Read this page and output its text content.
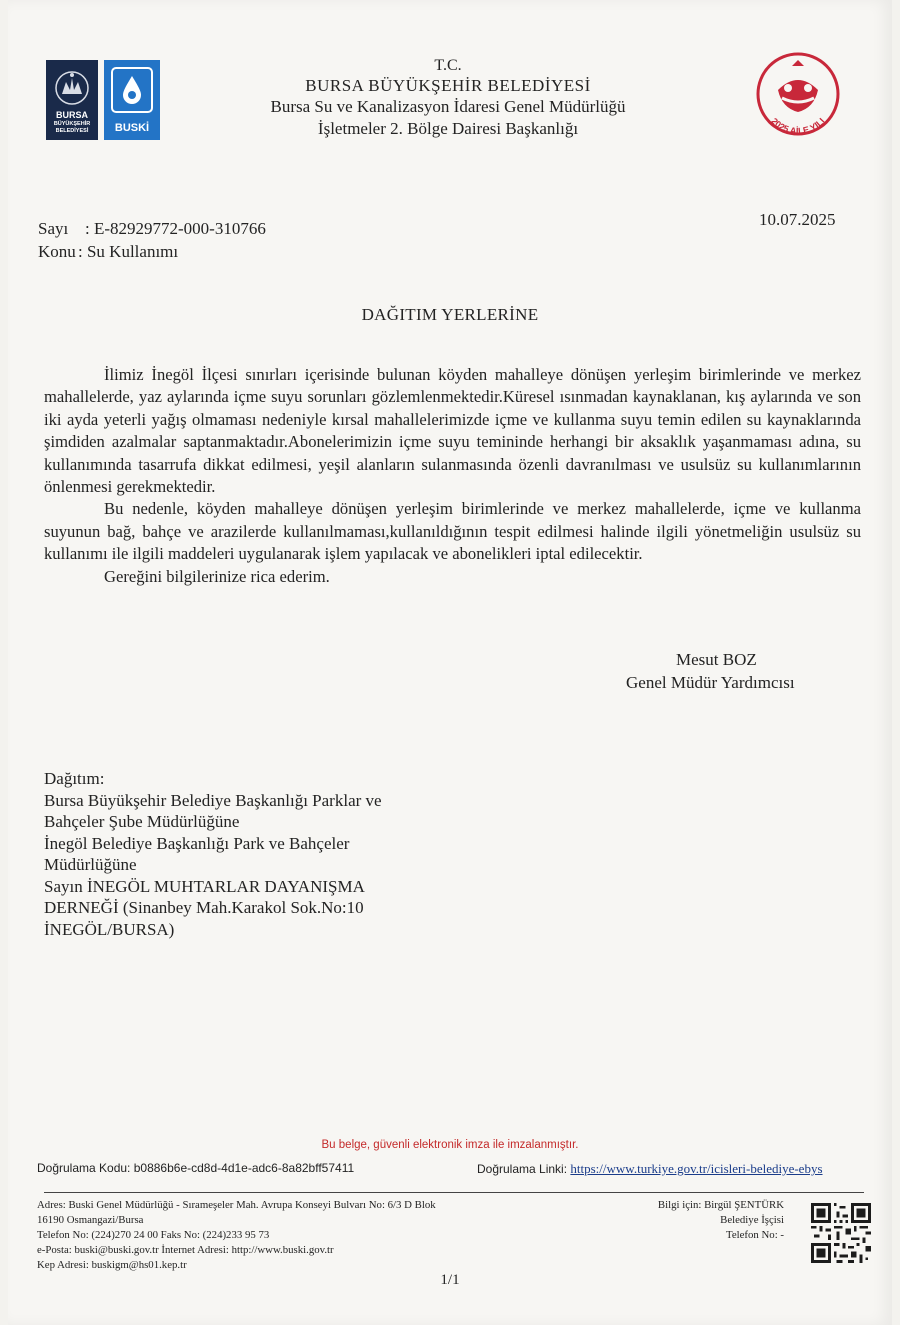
BURSA
BÜYÜKŞEHİR
BELEDİYESİ	BUSKİ
2025 AİLE YILI
T.C.
BURSA BÜYÜKŞEHİR BELEDİYESİ
Bursa Su ve Kanalizasyon İdaresi Genel Müdürlüğü
İşletmeler 2. Bölge Dairesi Başkanlığı
Sayı : E-82929772-000-310766
Konu : Su Kullanımı
10.07.2025
DAĞITIM YERLERİNE

İlimiz İnegöl İlçesi sınırları içerisinde bulunan köyden mahalleye dönüşen yerleşim birimlerinde ve merkez mahallelerde, yaz aylarında içme suyu sorunları gözlemlenmektedir.Küresel ısınmadan kaynaklanan, kış aylarında ve son iki ayda yeterli yağış olmaması nedeniyle kırsal mahallelerimizde içme ve kullanma suyu temin edilen su kaynaklarında şimdiden azalmalar saptanmaktadır.Abonelerimizin içme suyu temininde herhangi bir aksaklık yaşanmaması adına, su kullanımında tasarrufa dikkat edilmesi, yeşil alanların sulanmasında özenli davranılması ve usulsüz su kullanımlarının önlenmesi gerekmektedir.

Bu nedenle, köyden mahalleye dönüşen yerleşim birimlerinde ve merkez mahallelerde, içme ve kullanma suyunun bağ, bahçe ve arazilerde kullanılmaması,kullanıldığının tespit edilmesi halinde ilgili yönetmeliğin usulsüz su kullanımı ile ilgili maddeleri uygulanarak işlem yapılacak ve abonelikleri iptal edilecektir.

Gereğini bilgilerinize rica ederim.

Mesut BOZ
Genel Müdür Yardımcısı
Dağıtım:
Bursa Büyükşehir Belediye Başkanlığı Parklar ve
Bahçeler Şube Müdürlüğüne
İnegöl Belediye Başkanlığı Park ve Bahçeler
Müdürlüğüne
Sayın İNEGÖL MUHTARLAR DAYANIŞMA
DERNEĞİ (Sinanbey Mah.Karakol Sok.No:10
İNEGÖL/BURSA)
Bu belge, güvenli elektronik imza ile imzalanmıştır.
Doğrulama Kodu: b0886b6e-cd8d-4d1e-adc6-8a82bff57411	Doğrulama Linki: https://www.turkiye.gov.tr/icisleri-belediye-ebys
Adres: Buski Genel Müdürlüğü - Sırameşeler Mah. Avrupa Konseyi Bulvarı No: 6/3 D Blok
16190 Osmangazi/Bursa
Telefon No: (224)270 24 00 Faks No: (224)233 95 73
e-Posta: buski@buski.gov.tr İnternet Adresi: http://www.buski.gov.tr
Kep Adresi: buskigm@hs01.kep.tr
Bilgi için: Birgül ŞENTÜRK
Belediye İşçisi
Telefon No: -
1/1
